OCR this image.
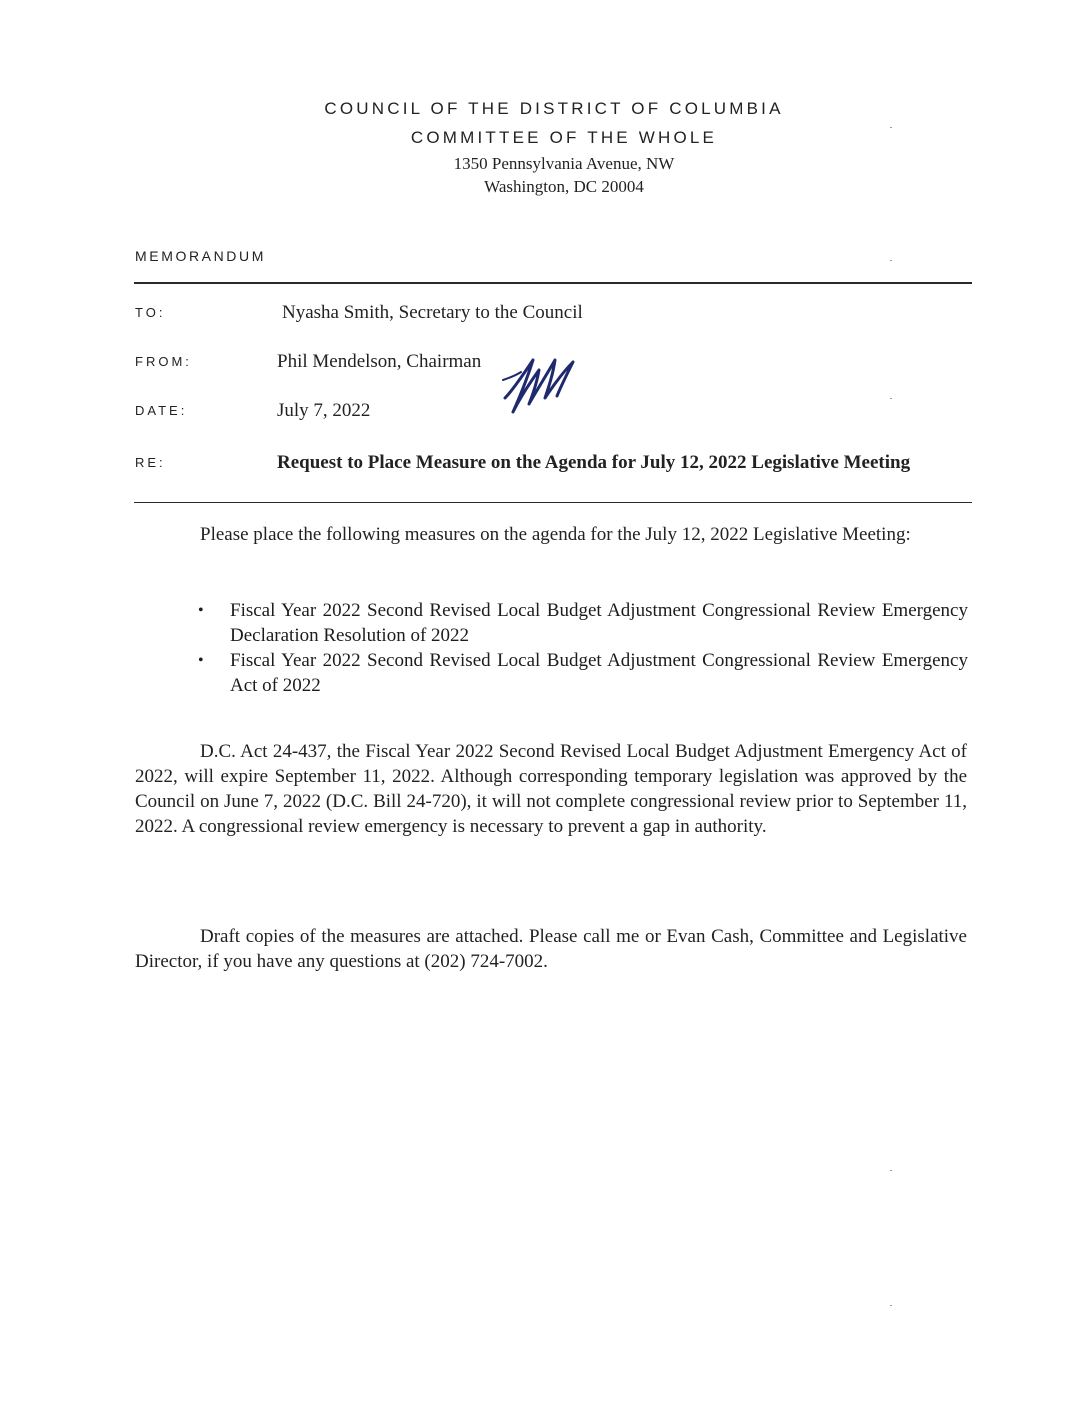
COUNCIL OF THE DISTRICT OF COLUMBIA
COMMITTEE OF THE WHOLE
1350 Pennsylvania Avenue, NW
Washington, DC 20004
MEMORANDUM
TO:	Nyasha Smith, Secretary to the Council
FROM:	Phil Mendelson, Chairman
DATE:	July 7, 2022
RE:	Request to Place Measure on the Agenda for July 12, 2022 Legislative Meeting
Please place the following measures on the agenda for the July 12, 2022 Legislative Meeting:
• Fiscal Year 2022 Second Revised Local Budget Adjustment Congressional Review Emergency Declaration Resolution of 2022
• Fiscal Year 2022 Second Revised Local Budget Adjustment Congressional Review Emergency Act of 2022
D.C. Act 24-437, the Fiscal Year 2022 Second Revised Local Budget Adjustment Emergency Act of 2022, will expire September 11, 2022. Although corresponding temporary legislation was approved by the Council on June 7, 2022 (D.C. Bill 24-720), it will not complete congressional review prior to September 11, 2022. A congressional review emergency is necessary to prevent a gap in authority.
Draft copies of the measures are attached. Please call me or Evan Cash, Committee and Legislative Director, if you have any questions at (202) 724-7002.
